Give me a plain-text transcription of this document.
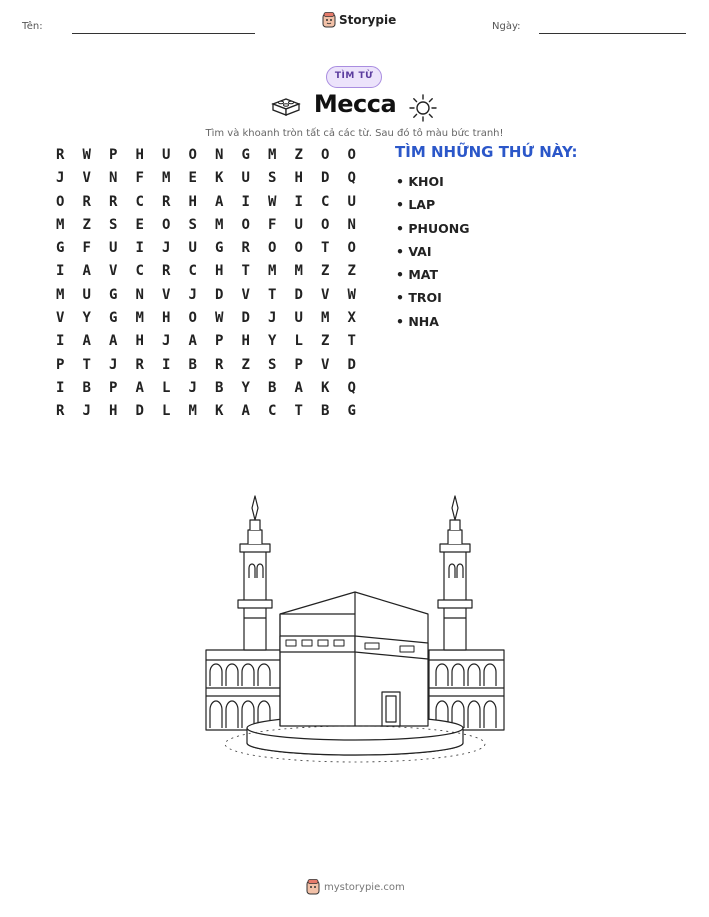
Tên:	Storypie	Ngày:
TÌM TỪ
Mecca
Tìm và khoanh tròn tất cả các từ. Sau đó tô màu bức tranh!
R	W	P	H	U	O	N	G	M	Z	O	O
J	V	N	F	M	E	K	U	S	H	D	Q
O	R	R	C	R	H	A	I	W	I	C	U
M	Z	S	E	O	S	M	O	F	U	O	N
G	F	U	I	J	U	G	R	O	O	T	O
I	A	V	C	R	C	H	T	M	M	Z	Z
M	U	G	N	V	J	D	V	T	D	V	W
V	Y	G	M	H	O	W	D	J	U	M	X
I	A	A	H	J	A	P	H	Y	L	Z	T
P	T	J	R	I	B	R	Z	S	P	V	D
I	B	P	A	L	J	B	Y	B	A	K	Q
R	J	H	D	L	M	K	A	C	T	B	G
TÌM NHỮNG THỨ NÀY:
• KHOI
• LAP
• PHUONG
• VAI
• MAT
• TROI
• NHA
mystorypie.com
